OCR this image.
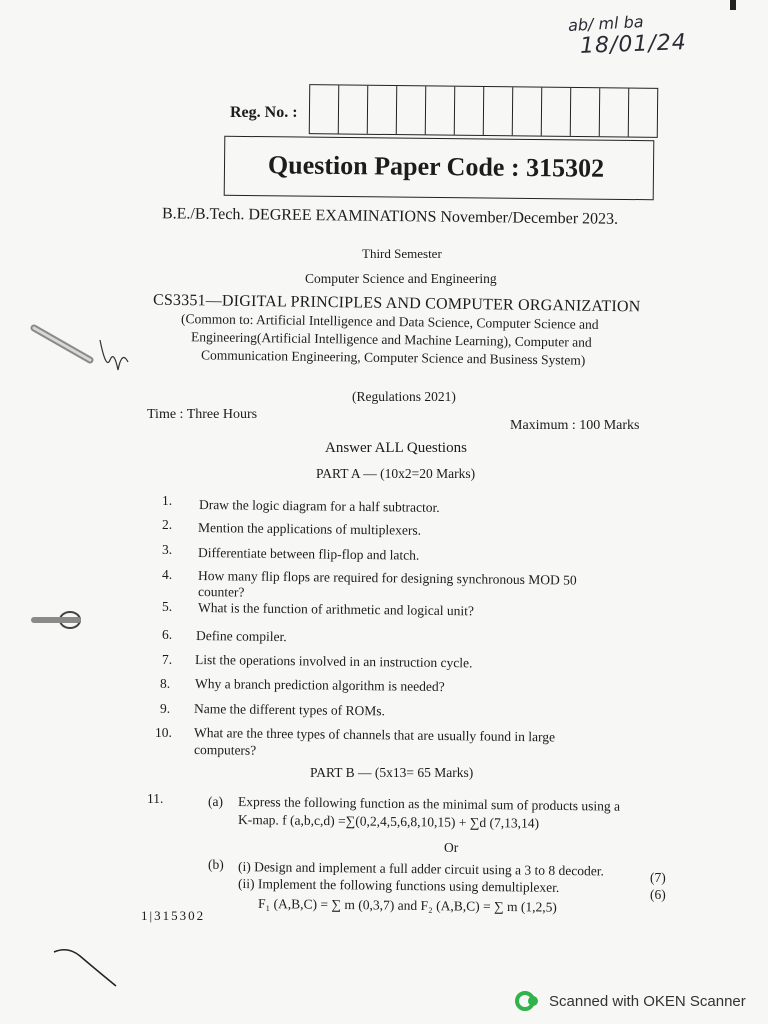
ab/ ml ba
18/01/24
Reg. No. :
Question Paper Code : 315302
B.E./B.Tech. DEGREE EXAMINATIONS November/December 2023.
Third Semester
Computer Science and Engineering
CS3351—DIGITAL PRINCIPLES AND COMPUTER ORGANIZATION
(Common to: Artificial Intelligence and Data Science, Computer Science and
Engineering(Artificial Intelligence and Machine Learning), Computer and
Communication Engineering, Computer Science and Business System)
(Regulations 2021)
Time : Three Hours
Maximum : 100 Marks
Answer ALL Questions
PART A — (10x2=20 Marks)
1. Draw the logic diagram for a half subtractor.
2. Mention the applications of multiplexers.
3. Differentiate between flip-flop and latch.
4. How many flip flops are required for designing synchronous MOD 50
counter?
5. What is the function of arithmetic and logical unit?
6. Define compiler.
7. List the operations involved in an instruction cycle.
8. Why a branch prediction algorithm is needed?
9. Name the different types of ROMs.
10. What are the three types of channels that are usually found in large
computers?
PART B — (5x13= 65 Marks)
11.	(a) Express the following function as the minimal sum of products using a
K-map. f (a,b,c,d) =∑(0,2,4,5,6,8,10,15) + ∑d (7,13,14)
Or
(b) (i) Design and implement a full adder circuit using a 3 to 8 decoder.	(7)
(ii) Implement the following functions using demultiplexer.	(6)
F₁ (A,B,C) = ∑ m (0,3,7) and F₂ (A,B,C) = ∑ m (1,2,5)
1|315302
Scanned with OKEN Scanner
